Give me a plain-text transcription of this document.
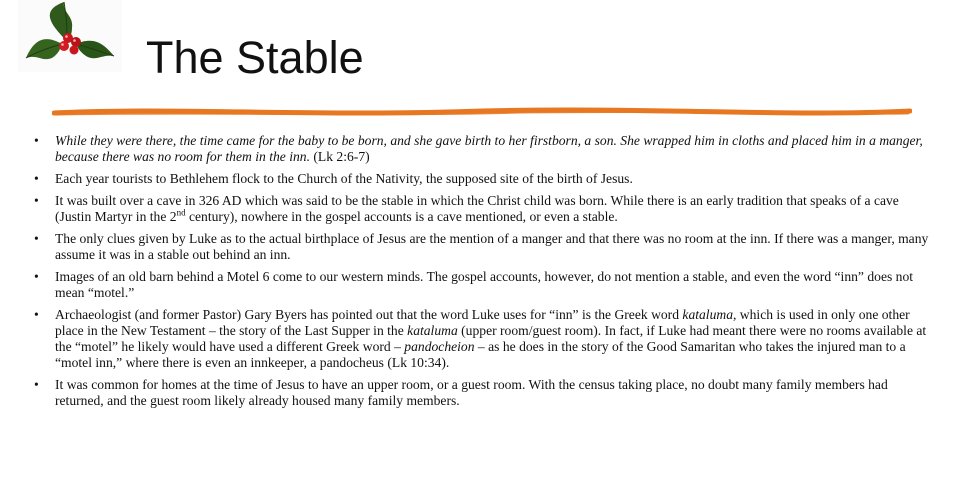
The Stable
•	While they were there, the time came for the baby to be born, and she gave birth to her firstborn, a son. She wrapped him in cloths and placed him in a manger, because there was no room for them in the inn. (Lk 2:6-7)
•	Each year tourists to Bethlehem flock to the Church of the Nativity, the supposed site of the birth of Jesus.
•	It was built over a cave in 326 AD which was said to be the stable in which the Christ child was born. While there is an early tradition that speaks of a cave (Justin Martyr in the 2nd century), nowhere in the gospel accounts is a cave mentioned, or even a stable.
•	The only clues given by Luke as to the actual birthplace of Jesus are the mention of a manger and that there was no room at the inn. If there was a manger, many assume it was in a stable out behind an inn.
•	Images of an old barn behind a Motel 6 come to our western minds. The gospel accounts, however, do not mention a stable, and even the word “inn” does not mean “motel.”
•	Archaeologist (and former Pastor) Gary Byers has pointed out that the word Luke uses for “inn” is the Greek word kataluma, which is used in only one other place in the New Testament – the story of the Last Supper in the kataluma (upper room/guest room). In fact, if Luke had meant there were no rooms available at the “motel” he likely would have used a different Greek word – pandocheion – as he does in the story of the Good Samaritan who takes the injured man to a “motel inn,” where there is even an innkeeper, a pandocheus (Lk 10:34).
•	It was common for homes at the time of Jesus to have an upper room, or a guest room. With the census taking place, no doubt many family members had returned, and the guest room likely already housed many family members.
